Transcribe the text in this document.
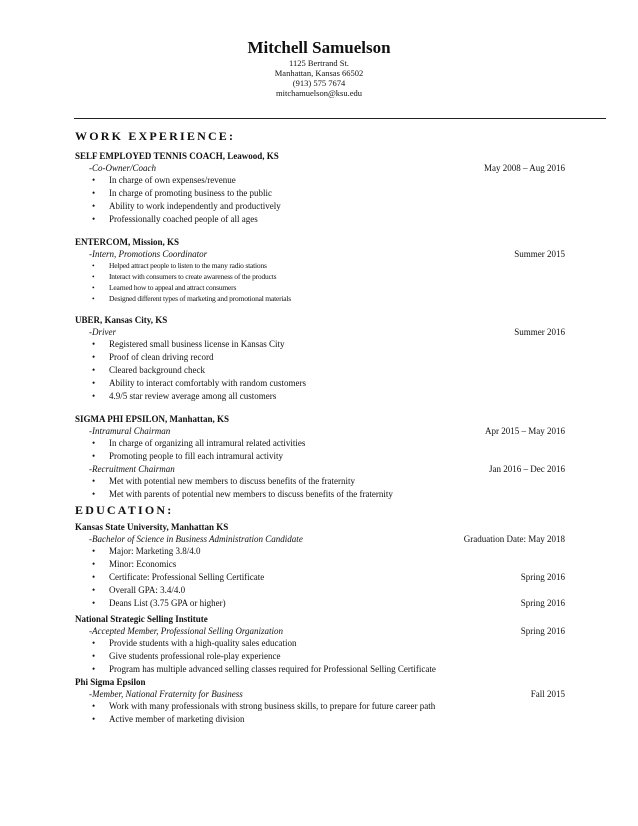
Mitchell Samuelson
1125 Bertrand St.
Manhattan, Kansas 66502
(913) 575 7674
mitchamuelson@ksu.edu
WORK EXPERIENCE:
SELF EMPLOYED TENNIS COACH, Leawood, KS
-Co-Owner/Coach	May 2008 – Aug 2016
• In charge of own expenses/revenue
• In charge of promoting business to the public
• Ability to work independently and productively
• Professionally coached people of all ages
ENTERCOM, Mission, KS
-Intern, Promotions Coordinator	Summer 2015
• Helped attract people to listen to the many radio stations
• Interact with consumers to create awareness of the products
• Learned how to appeal and attract consumers
• Designed different types of marketing and promotional materials
UBER, Kansas City, KS
-Driver	Summer 2016
• Registered small business license in Kansas City
• Proof of clean driving record
• Cleared background check
• Ability to interact comfortably with random customers
• 4.9/5 star review average among all customers
SIGMA PHI EPSILON, Manhattan, KS
-Intramural Chairman	Apr 2015 – May 2016
• In charge of organizing all intramural related activities
• Promoting people to fill each intramural activity
-Recruitment Chairman	Jan 2016 – Dec 2016
• Met with potential new members to discuss benefits of the fraternity
• Met with parents of potential new members to discuss benefits of the fraternity
EDUCATION:
Kansas State University, Manhattan KS
-Bachelor of Science in Business Administration Candidate	Graduation Date: May 2018
• Major: Marketing 3.8/4.0
• Minor: Economics
• Certificate: Professional Selling Certificate	Spring 2016
• Overall GPA: 3.4/4.0
• Deans List (3.75 GPA or higher)	Spring 2016
National Strategic Selling Institute
-Accepted Member, Professional Selling Organization	Spring 2016
• Provide students with a high-quality sales education
• Give students professional role-play experience
• Program has multiple advanced selling classes required for Professional Selling Certificate
Phi Sigma Epsilon
-Member, National Fraternity for Business	Fall 2015
• Work with many professionals with strong business skills, to prepare for future career path
• Active member of marketing division
